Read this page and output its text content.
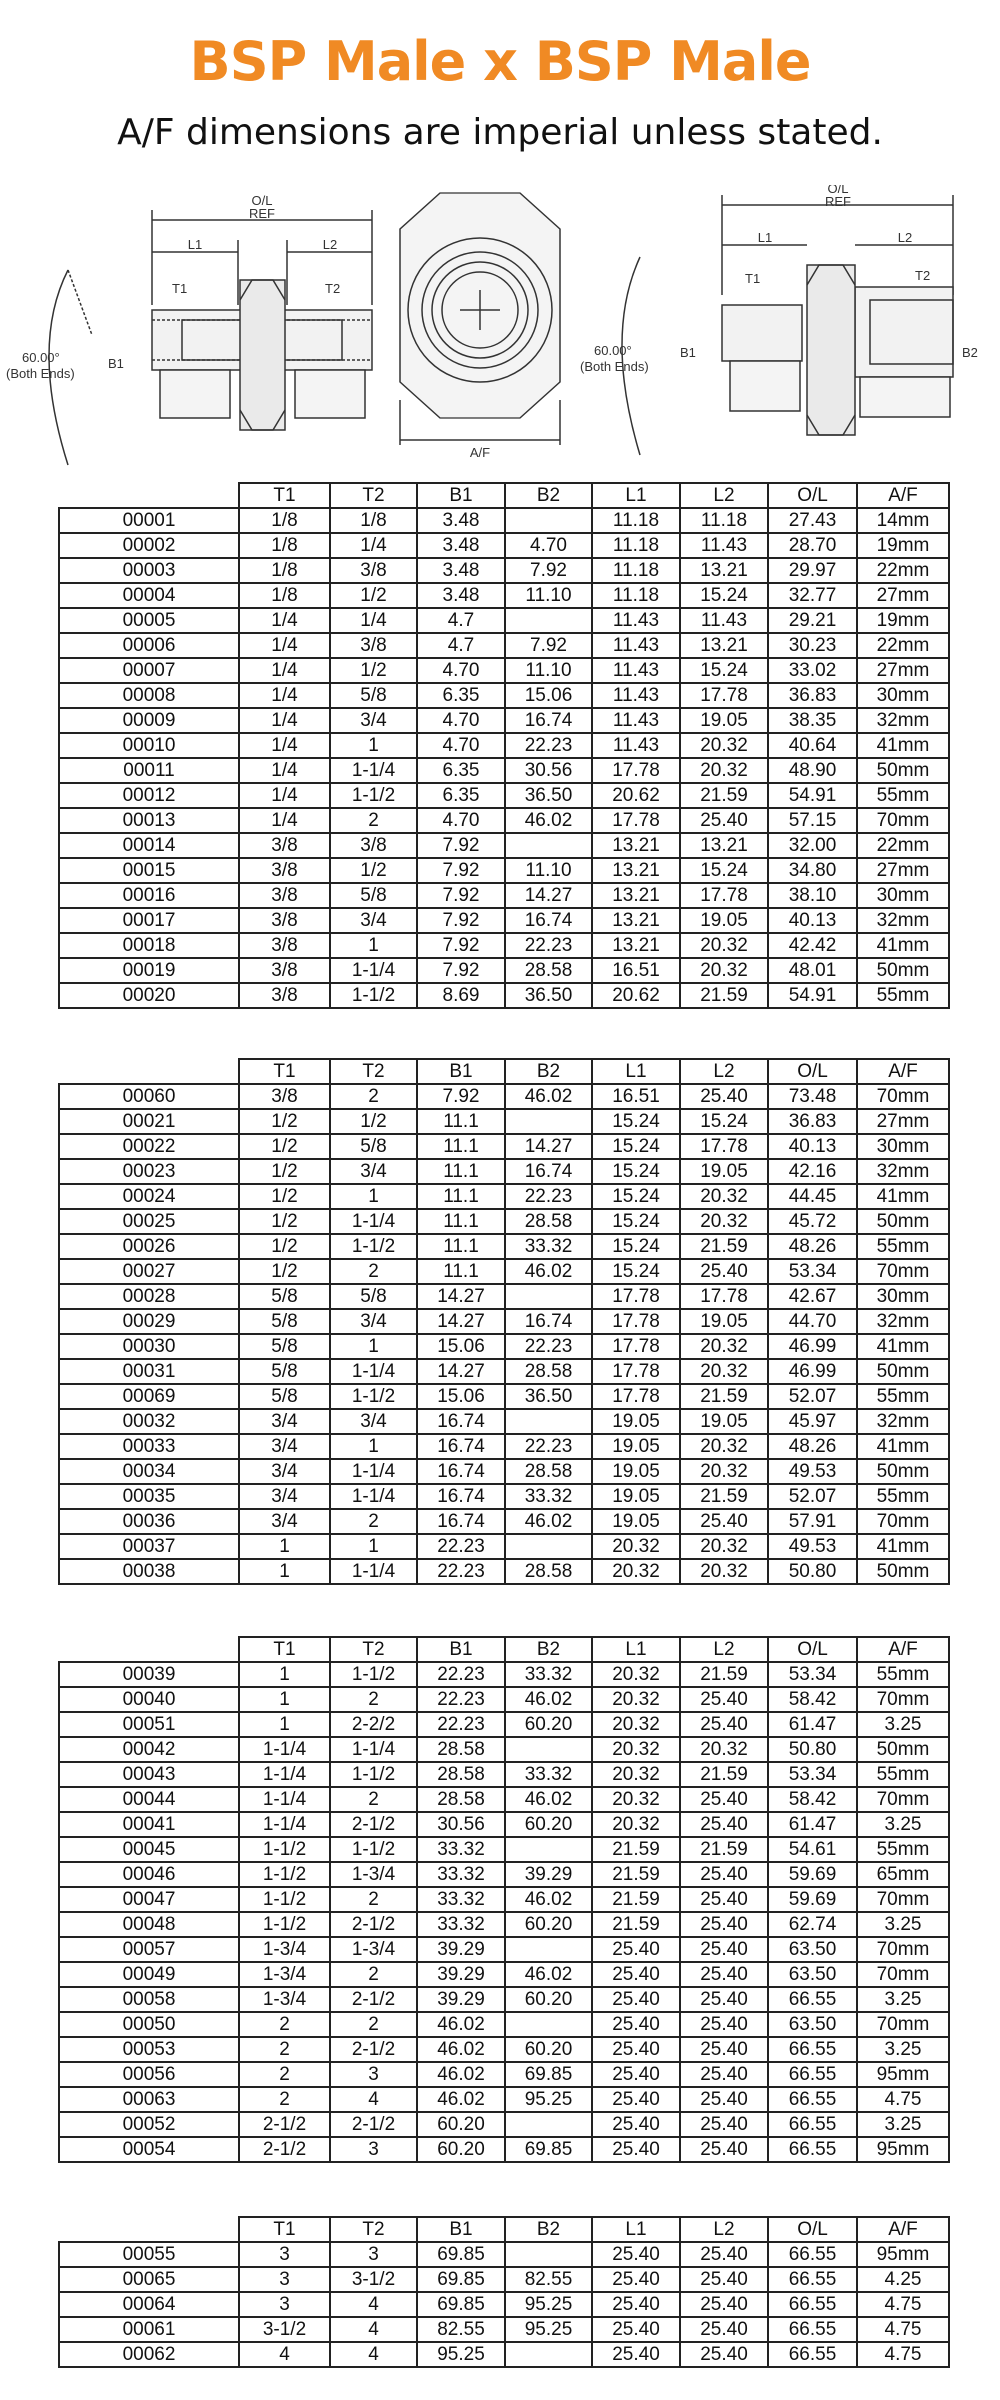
BSP Male x BSP Male
A/F dimensions are imperial unless stated.
O/L
REF
L1	L2
T1	T2
B1
60.00°
(Both Ends)
A/F
O/L
REF
L1	L2
T1	T2
B1	B2
60.00°
(Both Ends)
	T1	T2	B1	B2	L1	L2	O/L	A/F
00001	1/8	1/8	3.48		11.18	11.18	27.43	14mm
00002	1/8	1/4	3.48	4.70	11.18	11.43	28.70	19mm
00003	1/8	3/8	3.48	7.92	11.18	13.21	29.97	22mm
00004	1/8	1/2	3.48	11.10	11.18	15.24	32.77	27mm
00005	1/4	1/4	4.7		11.43	11.43	29.21	19mm
00006	1/4	3/8	4.7	7.92	11.43	13.21	30.23	22mm
00007	1/4	1/2	4.70	11.10	11.43	15.24	33.02	27mm
00008	1/4	5/8	6.35	15.06	11.43	17.78	36.83	30mm
00009	1/4	3/4	4.70	16.74	11.43	19.05	38.35	32mm
00010	1/4	1	4.70	22.23	11.43	20.32	40.64	41mm
00011	1/4	1-1/4	6.35	30.56	17.78	20.32	48.90	50mm
00012	1/4	1-1/2	6.35	36.50	20.62	21.59	54.91	55mm
00013	1/4	2	4.70	46.02	17.78	25.40	57.15	70mm
00014	3/8	3/8	7.92		13.21	13.21	32.00	22mm
00015	3/8	1/2	7.92	11.10	13.21	15.24	34.80	27mm
00016	3/8	5/8	7.92	14.27	13.21	17.78	38.10	30mm
00017	3/8	3/4	7.92	16.74	13.21	19.05	40.13	32mm
00018	3/8	1	7.92	22.23	13.21	20.32	42.42	41mm
00019	3/8	1-1/4	7.92	28.58	16.51	20.32	48.01	50mm
00020	3/8	1-1/2	8.69	36.50	20.62	21.59	54.91	55mm
	T1	T2	B1	B2	L1	L2	O/L	A/F
00060	3/8	2	7.92	46.02	16.51	25.40	73.48	70mm
00021	1/2	1/2	11.1		15.24	15.24	36.83	27mm
00022	1/2	5/8	11.1	14.27	15.24	17.78	40.13	30mm
00023	1/2	3/4	11.1	16.74	15.24	19.05	42.16	32mm
00024	1/2	1	11.1	22.23	15.24	20.32	44.45	41mm
00025	1/2	1-1/4	11.1	28.58	15.24	20.32	45.72	50mm
00026	1/2	1-1/2	11.1	33.32	15.24	21.59	48.26	55mm
00027	1/2	2	11.1	46.02	15.24	25.40	53.34	70mm
00028	5/8	5/8	14.27		17.78	17.78	42.67	30mm
00029	5/8	3/4	14.27	16.74	17.78	19.05	44.70	32mm
00030	5/8	1	15.06	22.23	17.78	20.32	46.99	41mm
00031	5/8	1-1/4	14.27	28.58	17.78	20.32	46.99	50mm
00069	5/8	1-1/2	15.06	36.50	17.78	21.59	52.07	55mm
00032	3/4	3/4	16.74		19.05	19.05	45.97	32mm
00033	3/4	1	16.74	22.23	19.05	20.32	48.26	41mm
00034	3/4	1-1/4	16.74	28.58	19.05	20.32	49.53	50mm
00035	3/4	1-1/4	16.74	33.32	19.05	21.59	52.07	55mm
00036	3/4	2	16.74	46.02	19.05	25.40	57.91	70mm
00037	1	1	22.23		20.32	20.32	49.53	41mm
00038	1	1-1/4	22.23	28.58	20.32	20.32	50.80	50mm
	T1	T2	B1	B2	L1	L2	O/L	A/F
00039	1	1-1/2	22.23	33.32	20.32	21.59	53.34	55mm
00040	1	2	22.23	46.02	20.32	25.40	58.42	70mm
00051	1	2-2/2	22.23	60.20	20.32	25.40	61.47	3.25
00042	1-1/4	1-1/4	28.58		20.32	20.32	50.80	50mm
00043	1-1/4	1-1/2	28.58	33.32	20.32	21.59	53.34	55mm
00044	1-1/4	2	28.58	46.02	20.32	25.40	58.42	70mm
00041	1-1/4	2-1/2	30.56	60.20	20.32	25.40	61.47	3.25
00045	1-1/2	1-1/2	33.32		21.59	21.59	54.61	55mm
00046	1-1/2	1-3/4	33.32	39.29	21.59	25.40	59.69	65mm
00047	1-1/2	2	33.32	46.02	21.59	25.40	59.69	70mm
00048	1-1/2	2-1/2	33.32	60.20	21.59	25.40	62.74	3.25
00057	1-3/4	1-3/4	39.29		25.40	25.40	63.50	70mm
00049	1-3/4	2	39.29	46.02	25.40	25.40	63.50	70mm
00058	1-3/4	2-1/2	39.29	60.20	25.40	25.40	66.55	3.25
00050	2	2	46.02		25.40	25.40	63.50	70mm
00053	2	2-1/2	46.02	60.20	25.40	25.40	66.55	3.25
00056	2	3	46.02	69.85	25.40	25.40	66.55	95mm
00063	2	4	46.02	95.25	25.40	25.40	66.55	4.75
00052	2-1/2	2-1/2	60.20		25.40	25.40	66.55	3.25
00054	2-1/2	3	60.20	69.85	25.40	25.40	66.55	95mm
	T1	T2	B1	B2	L1	L2	O/L	A/F
00055	3	3	69.85		25.40	25.40	66.55	95mm
00065	3	3-1/2	69.85	82.55	25.40	25.40	66.55	4.25
00064	3	4	69.85	95.25	25.40	25.40	66.55	4.75
00061	3-1/2	4	82.55	95.25	25.40	25.40	66.55	4.75
00062	4	4	95.25		25.40	25.40	66.55	4.75
